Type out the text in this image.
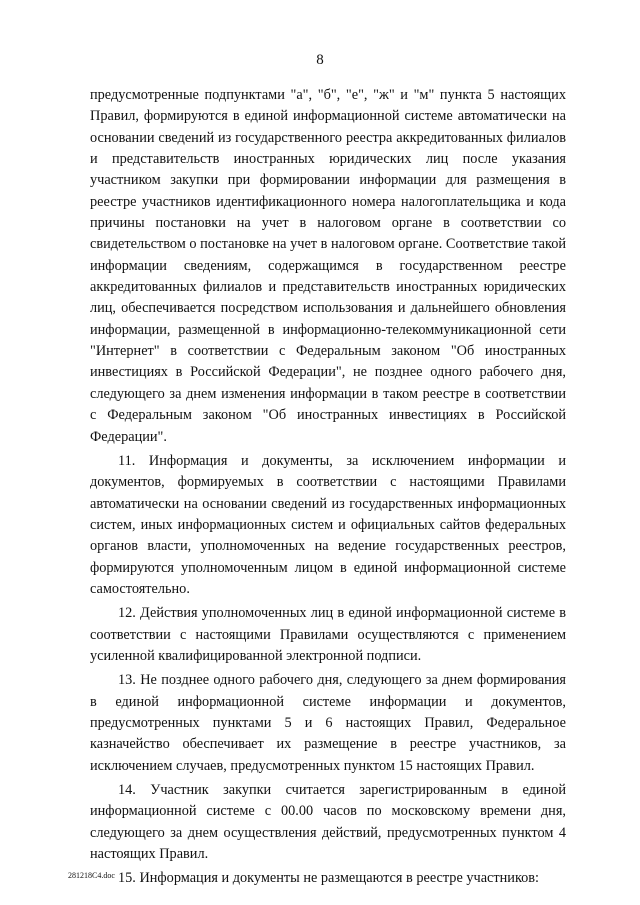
8

предусмотренные подпунктами "а", "б", "е", "ж" и "м" пункта 5 настоящих Правил, формируются в единой информационной системе автоматически на основании сведений из государственного реестра аккредитованных филиалов и представительств иностранных юридических лиц после указания участником закупки при формировании информации для размещения в реестре участников идентификационного номера налогоплательщика и кода причины постановки на учет в налоговом органе в соответствии со свидетельством о постановке на учет в налоговом органе. Соответствие такой информации сведениям, содержащимся в государственном реестре аккредитованных филиалов и представительств иностранных юридических лиц, обеспечивается посредством использования и дальнейшего обновления информации, размещенной в информационно-телекоммуникационной сети "Интернет" в соответствии с Федеральным законом "Об иностранных инвестициях в Российской Федерации", не позднее одного рабочего дня, следующего за днем изменения информации в таком реестре в соответствии с Федеральным законом "Об иностранных инвестициях в Российской Федерации".

11. Информация и документы, за исключением информации и документов, формируемых в соответствии с настоящими Правилами автоматически на основании сведений из государственных информационных систем, иных информационных систем и официальных сайтов федеральных органов власти, уполномоченных на ведение государственных реестров, формируются уполномоченным лицом в единой информационной системе самостоятельно.

12. Действия уполномоченных лиц в единой информационной системе в соответствии с настоящими Правилами осуществляются с применением усиленной квалифицированной электронной подписи.

13. Не позднее одного рабочего дня, следующего за днем формирования в единой информационной системе информации и документов, предусмотренных пунктами 5 и 6 настоящих Правил, Федеральное казначейство обеспечивает их размещение в реестре участников, за исключением случаев, предусмотренных пунктом 15 настоящих Правил.

14. Участник закупки считается зарегистрированным в единой информационной системе с 00.00 часов по московскому времени дня, следующего за днем осуществления действий, предусмотренных пунктом 4 настоящих Правил.

15. Информация и документы не размещаются в реестре участников:

281218С4.doc
